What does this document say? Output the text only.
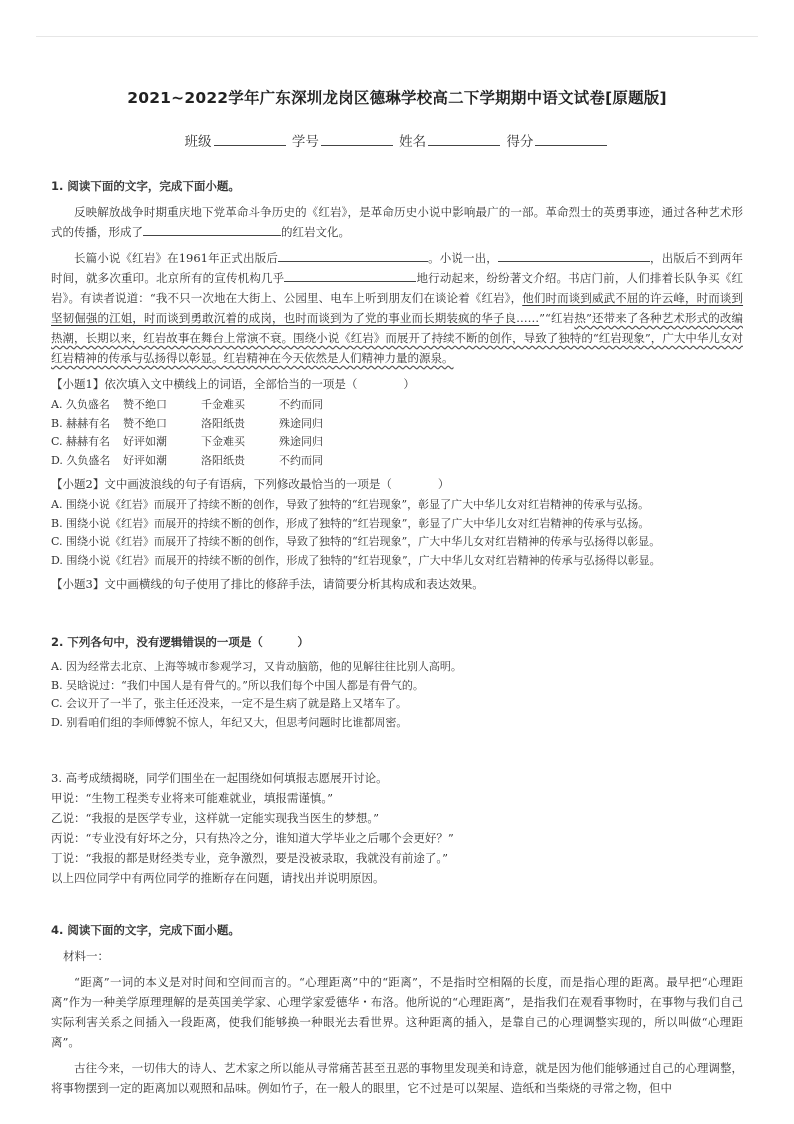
2021~2022学年广东深圳龙岗区德琳学校高二下学期期中语文试卷[原题版]
班级	学号	姓名	得分

1. 阅读下面的文字，完成下面小题。

反映解放战争时期重庆地下党革命斗争历史的《红岩》，是革命历史小说中影响最广的一部。革命烈士的英勇事迹，通过各种艺术形式的传播，形成了	的红岩文化。

长篇小说《红岩》在1961年正式出版后	。小说一出，	，出版后不到两年时间，就多次重印。北京所有的宣传机构几乎	地行动起来，纷纷著文介绍。书店门前，人们排着长队争买《红岩》。有读者说道：“我不只一次地在大街上、公园里、电车上听到朋友们在谈论着《红岩》，他们时而谈到威武不屈的许云峰，时而谈到坚韧倔强的江姐，时而谈到勇敢沉着的成岗，也时而谈到为了党的事业而长期装疯的华子良……”“红岩热”还带来了各种艺术形式的改编热潮，长期以来，红岩故事在舞台上常演不衰。围绕小说《红岩》而展开了持续不断的创作，导致了独特的“红岩现象”，广大中华儿女对红岩精神的传承与弘扬得以彰显。红岩精神在今天依然是人们精神力量的源泉。

【小题1】依次填入文中横线上的词语，全部恰当的一项是（　　　　）

A. 久负盛名	赞不绝口	千金难买	不约而同
B. 赫赫有名	赞不绝口	洛阳纸贵	殊途同归
C. 赫赫有名	好评如潮	下金难买	殊途同归
D. 久负盛名	好评如潮	洛阳纸贵	不约而同

【小题2】文中画波浪线的句子有语病，下列修改最恰当的一项是（　　　　）

A. 围绕小说《红岩》而展开了持续不断的创作，导致了独特的“红岩现象”，彰显了广大中华儿女对红岩精神的传承与弘扬。

B. 围绕小说《红岩》而展开的持续不断的创作，形成了独特的“红岩现象”，彰显了广大中华儿女对红岩精神的传承与弘扬。

C. 围绕小说《红岩》而展开了持续不断的创作，导致了独特的“红岩现象”，广大中华儿女对红岩精神的传承与弘扬得以彰显。

D. 围绕小说《红岩》而展开的持续不断的创作，形成了独特的“红岩现象”，广大中华儿女对红岩精神的传承与弘扬得以彰显。

【小题3】文中画横线的句子使用了排比的修辞手法，请简要分析其构成和表达效果。

2. 下列各句中，没有逻辑错误的一项是（　　　）

A. 因为经常去北京、上海等城市参观学习，又肯动脑筋，他的见解往往比别人高明。

B. 吴晗说过：“我们中国人是有骨气的。”所以我们每个中国人都是有骨气的。

C. 会议开了一半了，张主任还没来，一定不是生病了就是路上又堵车了。

D. 别看咱们组的李师傅貌不惊人，年纪又大，但思考问题时比谁都周密。

3. 高考成绩揭晓，同学们围坐在一起围绕如何填报志愿展开讨论。

甲说：“生物工程类专业将来可能难就业，填报需谨慎。”

乙说：“我报的是医学专业，这样就一定能实现我当医生的梦想。”

丙说：“专业没有好坏之分，只有热冷之分，谁知道大学毕业之后哪个会更好？”

丁说：“我报的都是财经类专业，竞争激烈，要是没被录取，我就没有前途了。”

以上四位同学中有两位同学的推断存在问题，请找出并说明原因。

4. 阅读下面的文字，完成下面小题。

材料一：

“距离”一词的本义是对时间和空间而言的。“心理距离”中的“距离”，不是指时空相隔的长度，而是指心理的距离。最早把“心理距离”作为一种美学原理理解的是英国美学家、心理学家爱德华・布洛。他所说的“心理距离”，是指我们在观看事物时，在事物与我们自己实际利害关系之间插入一段距离，使我们能够换一种眼光去看世界。这种距离的插入，是靠自己的心理调整实现的，所以叫做“心理距离”。

古往今来，一切伟大的诗人、艺术家之所以能从寻常痛苦甚至丑恶的事物里发现美和诗意，就是因为他们能够通过自己的心理调整，将事物摆到一定的距离加以观照和品味。例如竹子，在一般人的眼里，它不过是可以架屋、造纸和当柴烧的寻常之物，但中
